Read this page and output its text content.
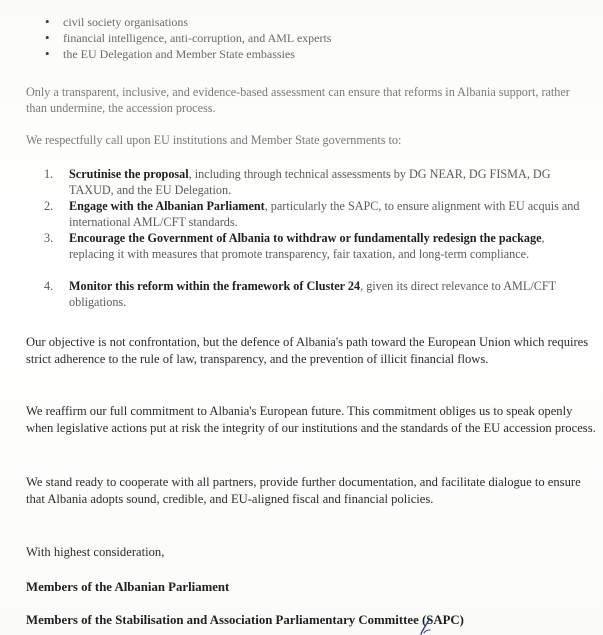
• civil society organisations
• financial intelligence, anti-corruption, and AML experts
• the EU Delegation and Member State embassies

Only a transparent, inclusive, and evidence-based assessment can ensure that reforms in Albania support, rather than undermine, the accession process.

We respectfully call upon EU institutions and Member State governments to:

1. Scrutinise the proposal, including through technical assessments by DG NEAR, DG FISMA, DG TAXUD, and the EU Delegation.
2. Engage with the Albanian Parliament, particularly the SAPC, to ensure alignment with EU acquis and international AML/CFT standards.
3. Encourage the Government of Albania to withdraw or fundamentally redesign the package, replacing it with measures that promote transparency, fair taxation, and long-term compliance.
4. Monitor this reform within the framework of Cluster 24, given its direct relevance to AML/CFT obligations.

Our objective is not confrontation, but the defence of Albania's path toward the European Union which requires strict adherence to the rule of law, transparency, and the prevention of illicit financial flows.

We reaffirm our full commitment to Albania's European future. This commitment obliges us to speak openly when legislative actions put at risk the integrity of our institutions and the standards of the EU accession process.

We stand ready to cooperate with all partners, provide further documentation, and facilitate dialogue to ensure that Albania adopts sound, credible, and EU-aligned fiscal and financial policies.

With highest consideration,

Members of the Albanian Parliament

Members of the Stabilisation and Association Parliamentary Committee (SAPC)
